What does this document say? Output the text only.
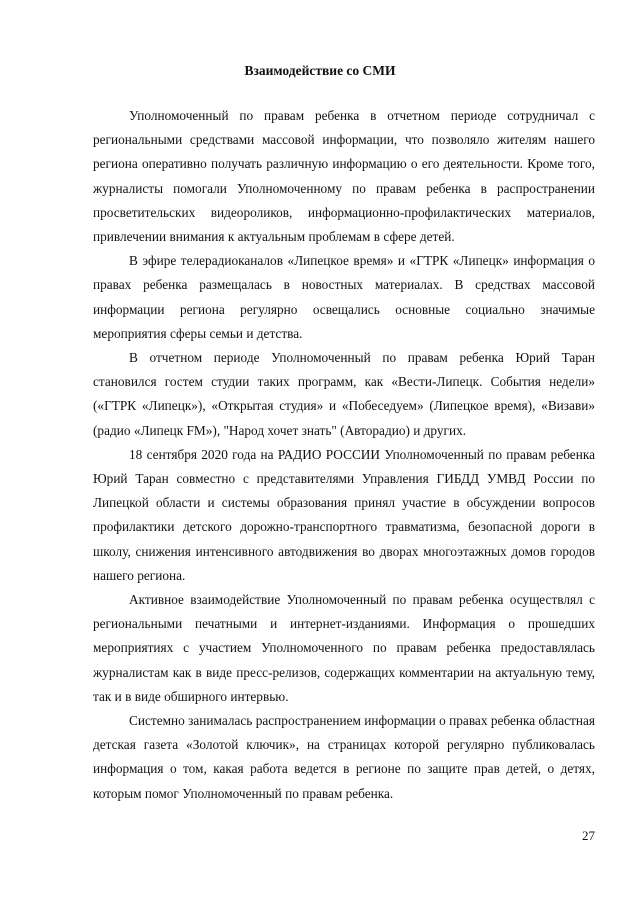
Взаимодействие со СМИ

Уполномоченный по правам ребенка в отчетном периоде сотрудничал с региональными средствами массовой информации, что позволяло жителям нашего региона оперативно получать различную информацию о его деятельности. Кроме того, журналисты помогали Уполномоченному по правам ребенка в распространении просветительских видеороликов, информационно-профилактических материалов, привлечении внимания к актуальным проблемам в сфере детей.

В эфире телерадиоканалов «Липецкое время» и «ГТРК «Липецк» информация о правах ребенка размещалась в новостных материалах. В средствах массовой информации региона регулярно освещались основные социально значимые мероприятия сферы семьи и детства.

В отчетном периоде Уполномоченный по правам ребенка Юрий Таран становился гостем студии таких программ, как «Вести-Липецк. События недели» («ГТРК «Липецк»), «Открытая студия» и «Побеседуем» (Липецкое время), «Визави» (радио «Липецк FM»), "Народ хочет знать" (Авторадио) и других.

18 сентября 2020 года на РАДИО РОССИИ Уполномоченный по правам ребенка Юрий Таран совместно с представителями Управления ГИБДД УМВД России по Липецкой области и системы образования принял участие в обсуждении вопросов профилактики детского дорожно-транспортного травматизма, безопасной дороги в школу, снижения интенсивного автодвижения во дворах многоэтажных домов городов нашего региона.

Активное взаимодействие Уполномоченный по правам ребенка осуществлял с региональными печатными и интернет-изданиями. Информация о прошедших мероприятиях с участием Уполномоченного по правам ребенка предоставлялась журналистам как в виде пресс-релизов, содержащих комментарии на актуальную тему, так и в виде обширного интервью.

Системно занималась распространением информации о правах ребенка областная детская газета «Золотой ключик», на страницах которой регулярно публиковалась информация о том, какая работа ведется в регионе по защите прав детей, о детях, которым помог Уполномоченный по правам ребенка.

27
